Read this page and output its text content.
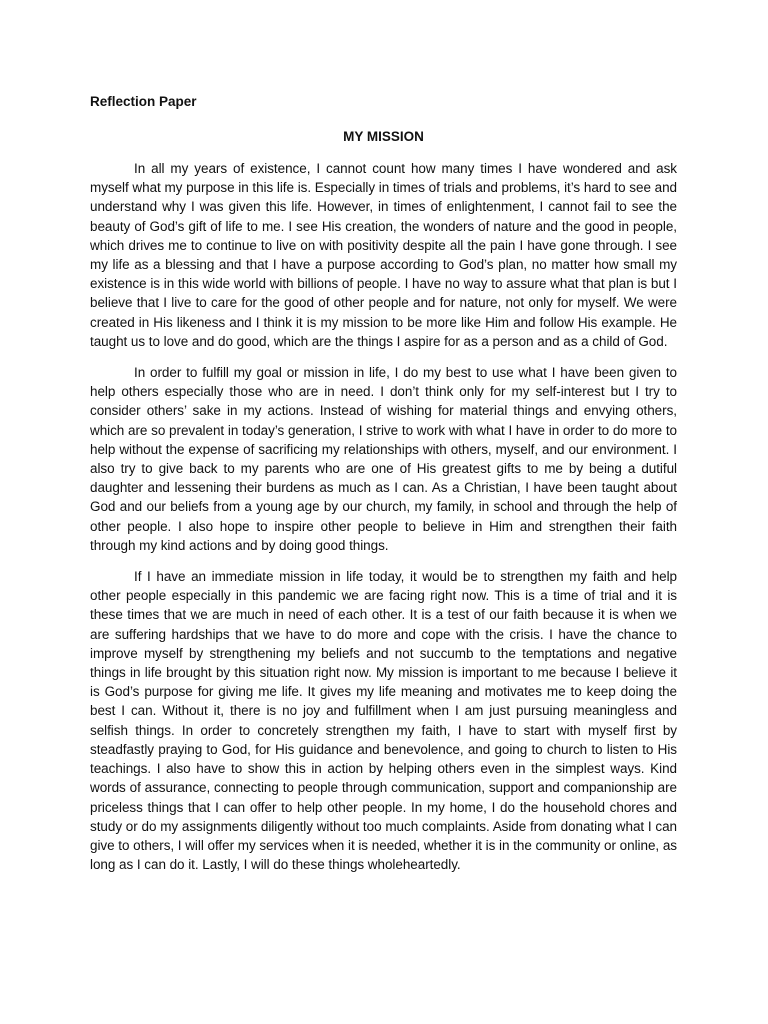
Reflection Paper

MY MISSION

In all my years of existence, I cannot count how many times I have wondered and ask myself what my purpose in this life is. Especially in times of trials and problems, it’s hard to see and understand why I was given this life. However, in times of enlightenment, I cannot fail to see the beauty of God’s gift of life to me. I see His creation, the wonders of nature and the good in people, which drives me to continue to live on with positivity despite all the pain I have gone through. I see my life as a blessing and that I have a purpose according to God’s plan, no matter how small my existence is in this wide world with billions of people. I have no way to assure what that plan is but I believe that I live to care for the good of other people and for nature, not only for myself. We were created in His likeness and I think it is my mission to be more like Him and follow His example. He taught us to love and do good, which are the things I aspire for as a person and as a child of God.

In order to fulfill my goal or mission in life, I do my best to use what I have been given to help others especially those who are in need. I don’t think only for my self-interest but I try to consider others’ sake in my actions. Instead of wishing for material things and envying others, which are so prevalent in today’s generation, I strive to work with what I have in order to do more to help without the expense of sacrificing my relationships with others, myself, and our environment. I also try to give back to my parents who are one of His greatest gifts to me by being a dutiful daughter and lessening their burdens as much as I can. As a Christian, I have been taught about God and our beliefs from a young age by our church, my family, in school and through the help of other people. I also hope to inspire other people to believe in Him and strengthen their faith through my kind actions and by doing good things.

If I have an immediate mission in life today, it would be to strengthen my faith and help other people especially in this pandemic we are facing right now. This is a time of trial and it is these times that we are much in need of each other. It is a test of our faith because it is when we are suffering hardships that we have to do more and cope with the crisis. I have the chance to improve myself by strengthening my beliefs and not succumb to the temptations and negative things in life brought by this situation right now. My mission is important to me because I believe it is God’s purpose for giving me life. It gives my life meaning and motivates me to keep doing the best I can. Without it, there is no joy and fulfillment when I am just pursuing meaningless and selfish things. In order to concretely strengthen my faith, I have to start with myself first by steadfastly praying to God, for His guidance and benevolence, and going to church to listen to His teachings. I also have to show this in action by helping others even in the simplest ways. Kind words of assurance, connecting to people through communication, support and companionship are priceless things that I can offer to help other people. In my home, I do the household chores and study or do my assignments diligently without too much complaints. Aside from donating what I can give to others, I will offer my services when it is needed, whether it is in the community or online, as long as I can do it. Lastly, I will do these things wholeheartedly.
